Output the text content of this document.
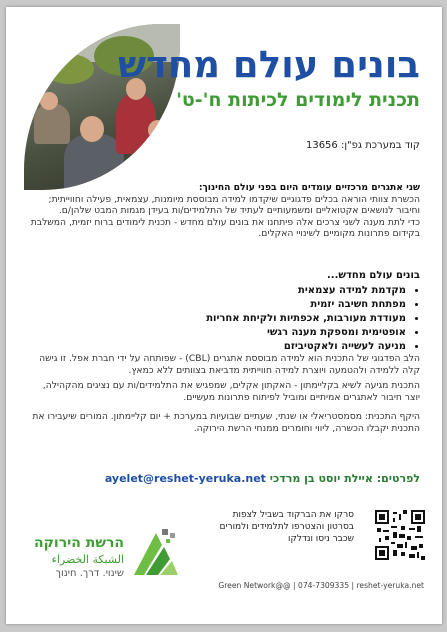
בונים עולם מחדש
תכנית לימודים לכיתות ח'-ט'
קוד במערכת גפ"ן: 13656
שני אתגרים מרכזיים עומדים היום בפני עולם החינוך:
הכשרת צוותי הוראה בכלים פדגוגיים שיקדמו למידה מבוססת מיומנות, עצמאית, פעילה וחווייתית; וחיבור לנושאים אקטואליים ומשמעותיים לעתיד של התלמידים/ות בעידן מגמות המבט שלהן/ם.
כדי לתת מענה לשני צרכים אלה פיתחנו את בונים עולם מחדש - תכנית לימודים ברוח יזמית, המשלבת בקידום פתרונות מקומיים לשינויי האקלים.
בונים עולם מחדש...
• מקדמת למידה עצמאית
• מפתחת חשיבה יזמית
• מעודדת מעורבות, אכפתיות ולקיחת אחריות
• אופטימית ומספקת מענה רגשי
• מניעה לעשייה ולאקטיביזם
הלב הפדגוגי של התכנית הוא למידה מבוססת אתגרים (CBL) - שפותחה על ידי חברת אפל. זו גישה קלה ללמידה ולהטמעה ויוצרת למידה חווייתית מדביאת בצוותים ללא כמאץ.
התכנית מגיעה לשיא בקליימתון - האקתון אקלים, שמפגיש את התלמידים/ות עם נציגים מהקהילה, יוצר חיבור לאתגרים אמיתיים ומוביל לפיתוח פתרונות מעשיים.
היקף התכנית: מסמסטריאלי או שנתי, שעתיים שבועיות במערכת + יום קליימתון. המורים שיעבירו את התכנית יקבלו הכשרה, ליווי וחומרים ממנחי הרשת הירוקה.
לפרטים: איילת יוסט בן מרדכי ayelet@reshet-yeruka.net
סרקו את הברקוד בשביל לצפות בסרטון והצטרפו לתלמידים ולמורים שכבר ניסו ונדלקו
הרשת הירוקה
الشبكة الخضراء
שינוי. דרך. חינוך
Green Network@@ | 074-7309335 | reshet-yeruka.net
